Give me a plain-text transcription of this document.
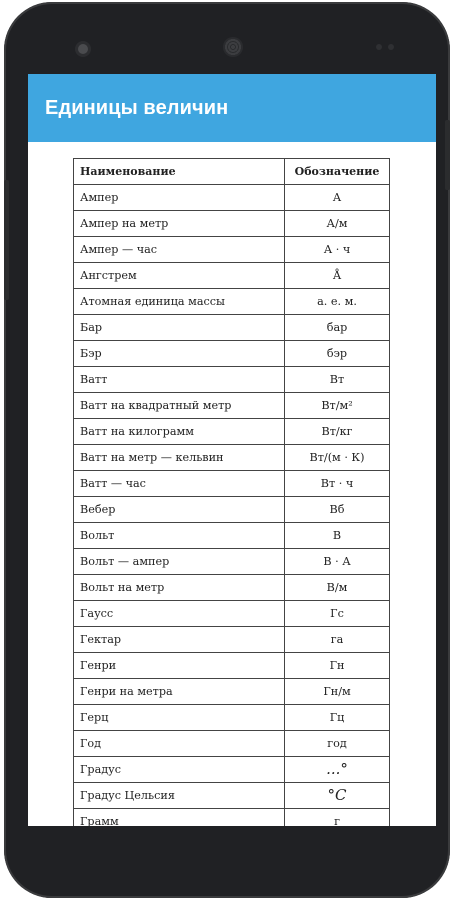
Единицы величин
Наименование	Обозначение
Ампер	А
Ампер на метр	А/м
Ампер — час	А · ч
Ангстрем	Å
Атомная единица массы	а. е. м.
Бар	бар
Бэр	бэр
Ватт	Вт
Ватт на квадратный метр	Вт/м²
Ватт на килограмм	Вт/кг
Ватт на метр — кельвин	Вт/(м · К)
Ватт — час	Вт · ч
Вебер	Вб
Вольт	В
Вольт — ампер	В · А
Вольт на метр	В/м
Гаусс	Гс
Гектар	га
Генри	Гн
Генри на метра	Гн/м
Герц	Гц
Год	год
Градус	...°
Градус Цельсия	°C
Грамм	г
